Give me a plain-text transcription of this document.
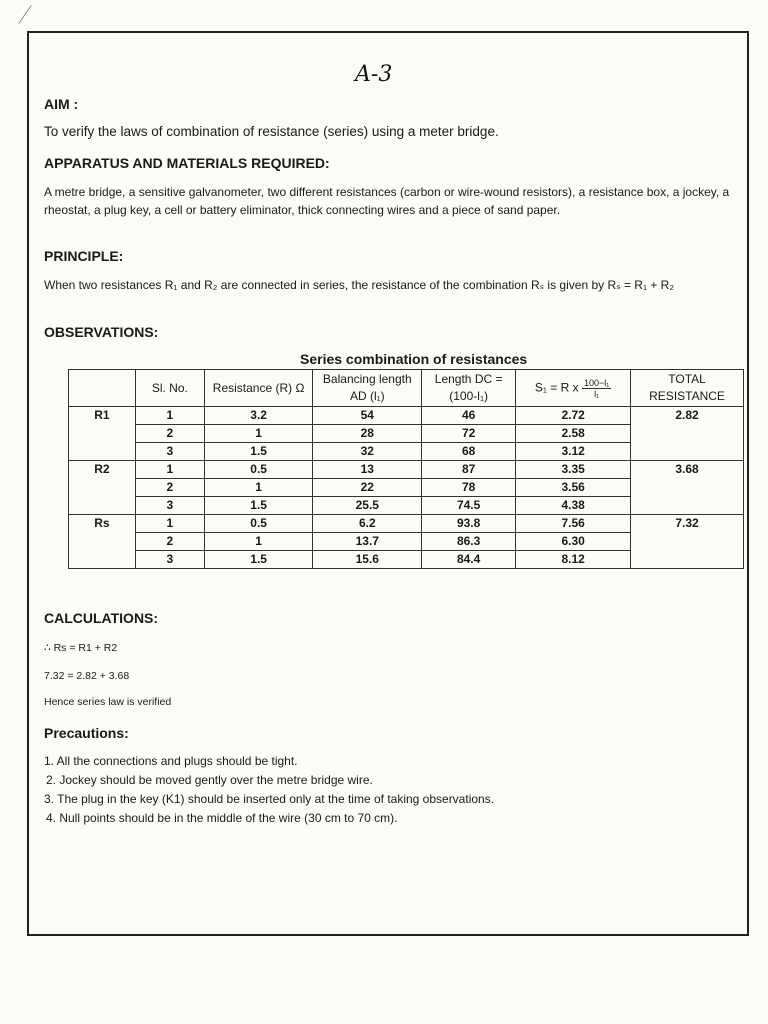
A-3
AIM :
To verify the laws of combination of resistance (series) using a meter bridge.
APPARATUS AND MATERIALS REQUIRED:
A metre bridge, a sensitive galvanometer, two different resistances (carbon or wire-wound resistors), a resistance box, a jockey, a rheostat, a plug key, a cell or battery eliminator, thick connecting wires and a piece of sand paper.
PRINCIPLE:
When two resistances R₁ and R₂ are connected in series, the resistance of the combination Rₛ is given by Rₛ = R₁ + R₂
OBSERVATIONS:
Series combination of resistances
	Sl. No.	Resistance (R) Ω	Balancing length AD (l₁)	Length DC = (100-l₁)	S₁ = R x $\frac{\text{100−l₁}}{\text{l₁}}$	TOTAL RESISTANCE
R1	1	3.2	54	46	2.72	2.82
	2	1	28	72	2.58	
	3	1.5	32	68	3.12	
R2	1	0.5	13	87	3.35	3.68
	2	1	22	78	3.56	
	3	1.5	25.5	74.5	4.38	
Rs	1	0.5	6.2	93.8	7.56	7.32
	2	1	13.7	86.3	6.30	
	3	1.5	15.6	84.4	8.12	
CALCULATIONS:
∴ Rs = R1 + R2
7.32 = 2.82 + 3.68
Hence series law is verified
Precautions:
1. All the connections and plugs should be tight.
2. Jockey should be moved gently over the metre bridge wire.
3. The plug in the key (K1) should be inserted only at the time of taking observations.
4. Null points should be in the middle of the wire (30 cm to 70 cm).
